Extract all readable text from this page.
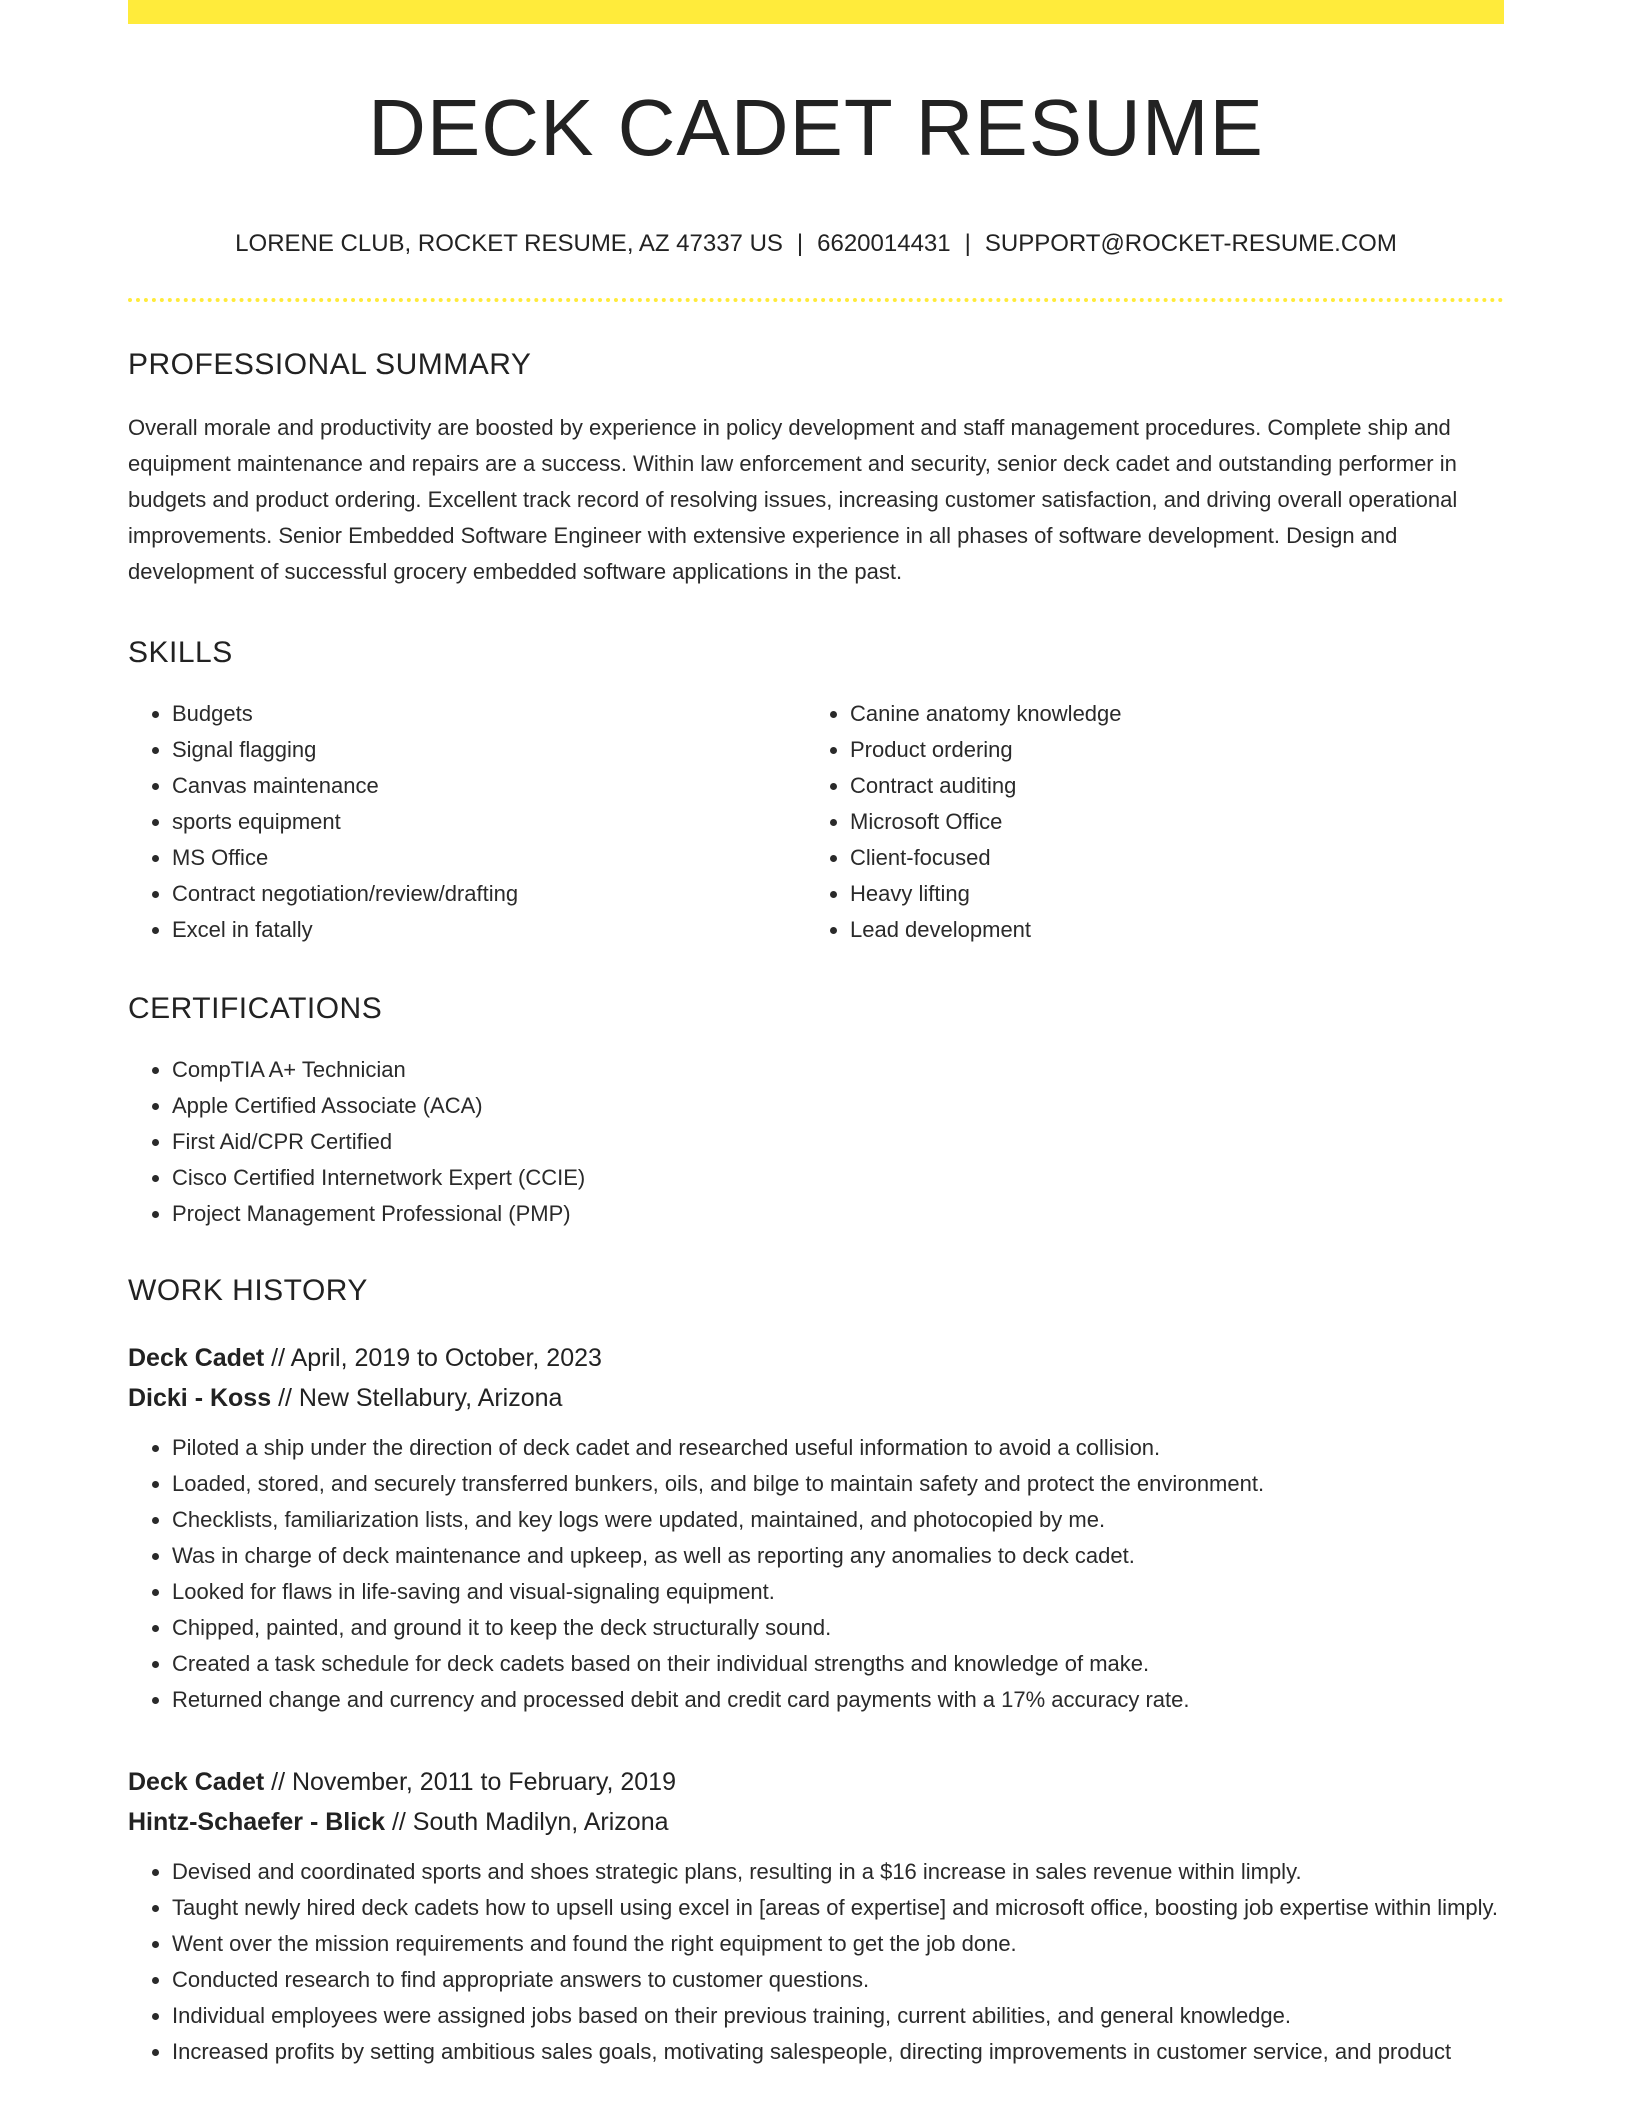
DECK CADET RESUME
LORENE CLUB, ROCKET RESUME, AZ 47337 US | 6620014431 | SUPPORT@ROCKET-RESUME.COM
PROFESSIONAL SUMMARY
Overall morale and productivity are boosted by experience in policy development and staff management procedures. Complete ship and equipment maintenance and repairs are a success. Within law enforcement and security, senior deck cadet and outstanding performer in budgets and product ordering. Excellent track record of resolving issues, increasing customer satisfaction, and driving overall operational improvements. Senior Embedded Software Engineer with extensive experience in all phases of software development. Design and development of successful grocery embedded software applications in the past.
SKILLS
• Budgets
• Signal flagging
• Canvas maintenance
• sports equipment
• MS Office
• Contract negotiation/review/drafting
• Excel in fatally
• Canine anatomy knowledge
• Product ordering
• Contract auditing
• Microsoft Office
• Client-focused
• Heavy lifting
• Lead development
CERTIFICATIONS
• CompTIA A+ Technician
• Apple Certified Associate (ACA)
• First Aid/CPR Certified
• Cisco Certified Internetwork Expert (CCIE)
• Project Management Professional (PMP)
WORK HISTORY
Deck Cadet // April, 2019 to October, 2023
Dicki - Koss // New Stellabury, Arizona
• Piloted a ship under the direction of deck cadet and researched useful information to avoid a collision.
• Loaded, stored, and securely transferred bunkers, oils, and bilge to maintain safety and protect the environment.
• Checklists, familiarization lists, and key logs were updated, maintained, and photocopied by me.
• Was in charge of deck maintenance and upkeep, as well as reporting any anomalies to deck cadet.
• Looked for flaws in life-saving and visual-signaling equipment.
• Chipped, painted, and ground it to keep the deck structurally sound.
• Created a task schedule for deck cadets based on their individual strengths and knowledge of make.
• Returned change and currency and processed debit and credit card payments with a 17% accuracy rate.
Deck Cadet // November, 2011 to February, 2019
Hintz-Schaefer - Blick // South Madilyn, Arizona
• Devised and coordinated sports and shoes strategic plans, resulting in a $16 increase in sales revenue within limply.
• Taught newly hired deck cadets how to upsell using excel in [areas of expertise] and microsoft office, boosting job expertise within limply.
• Went over the mission requirements and found the right equipment to get the job done.
• Conducted research to find appropriate answers to customer questions.
• Individual employees were assigned jobs based on their previous training, current abilities, and general knowledge.
• Increased profits by setting ambitious sales goals, motivating salespeople, directing improvements in customer service, and product
